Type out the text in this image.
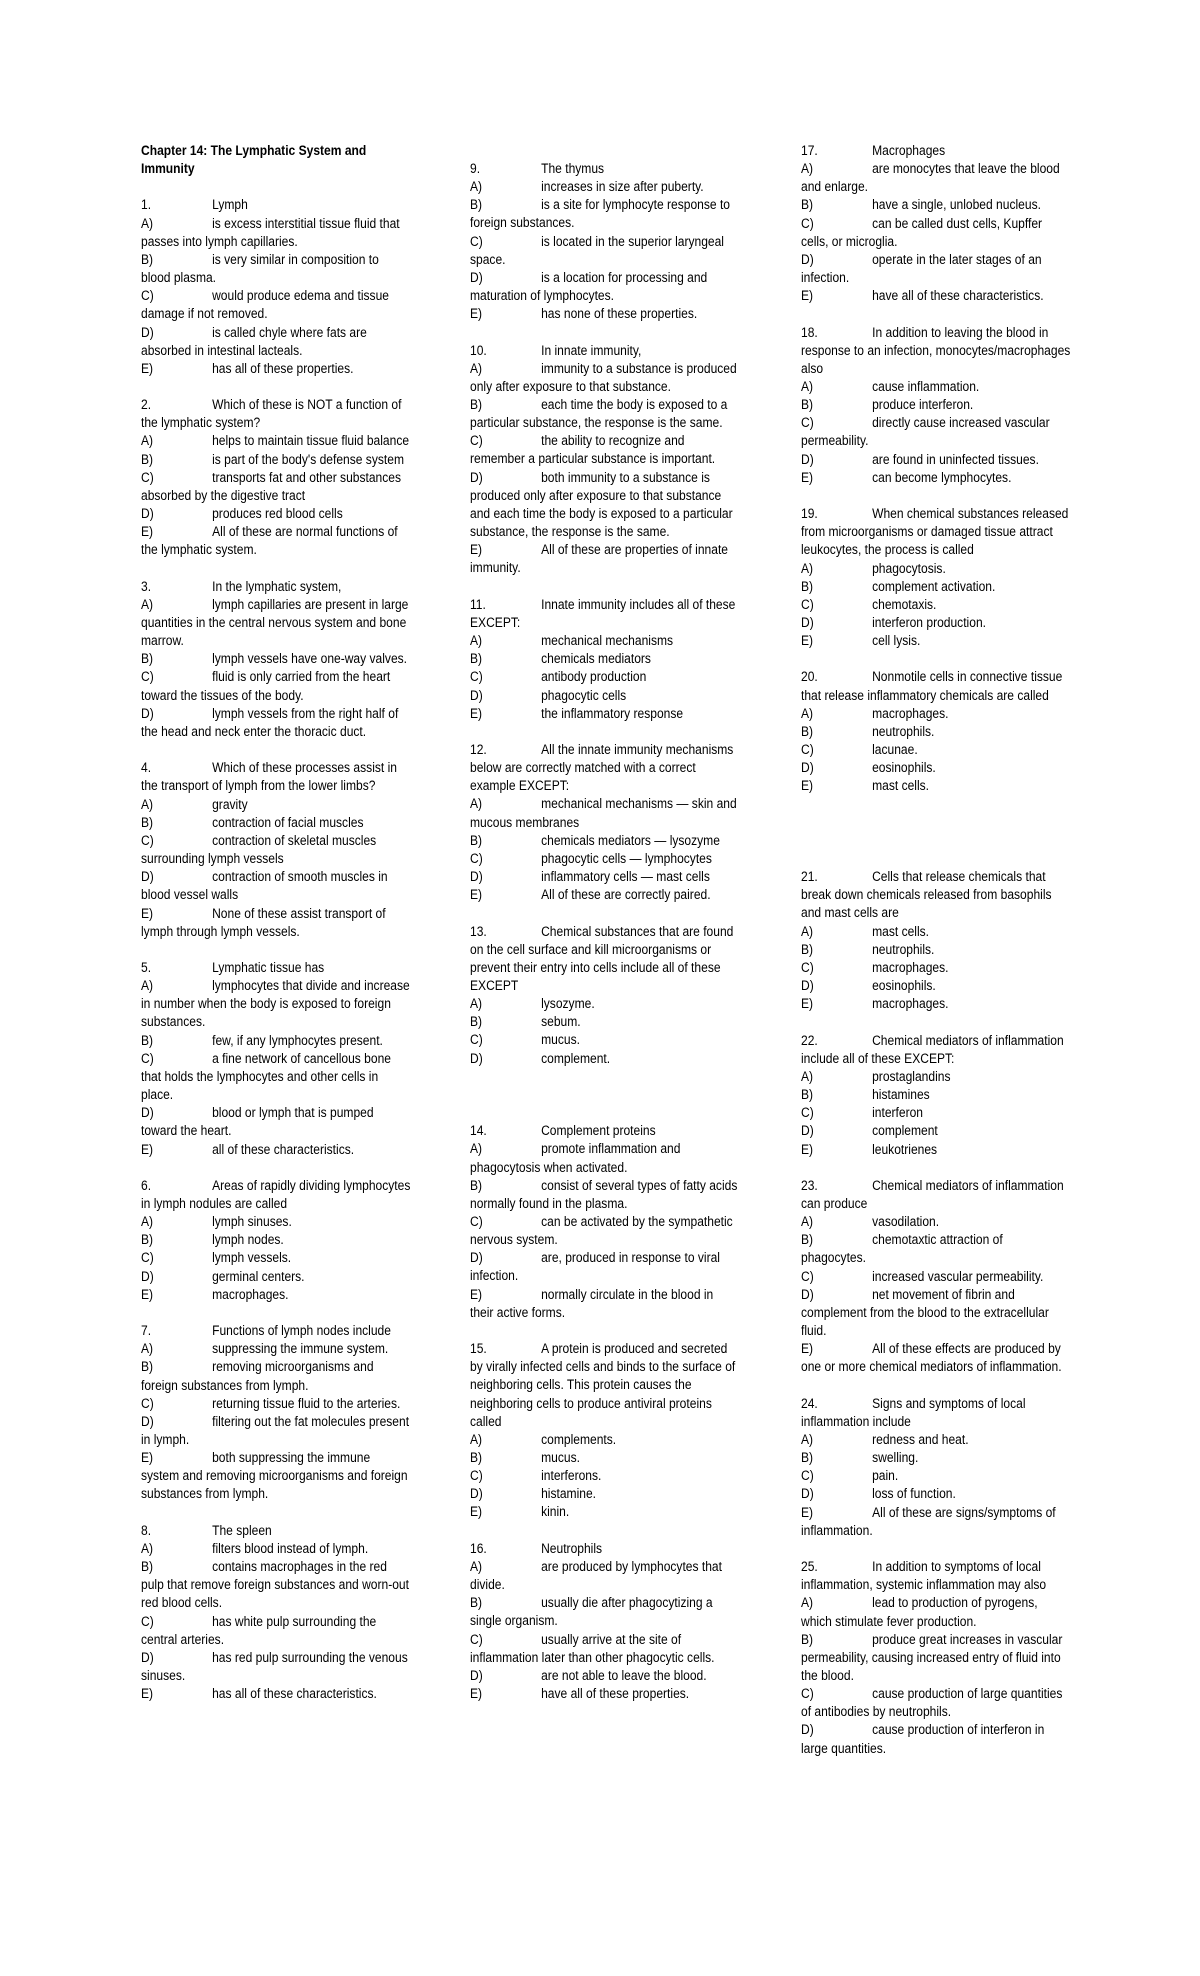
Chapter 14: The Lymphatic System and Immunity

1.	Lymph

A)	is excess interstitial tissue fluid that passes into lymph capillaries.

B)	is very similar in composition to blood plasma.

C)	would produce edema and tissue damage if not removed.

D)	is called chyle where fats are absorbed in intestinal lacteals.

E)	has all of these properties.

2.	Which of these is NOT a function of the lymphatic system?

A)	helps to maintain tissue fluid balance

B)	is part of the body's defense system

C)	transports fat and other substances absorbed by the digestive tract

D)	produces red blood cells

E)	All of these are normal functions of the lymphatic system.

3.	In the lymphatic system,

A)	lymph capillaries are present in large quantities in the central nervous system and bone marrow.

B)	lymph vessels have one-way valves.

C)	fluid is only carried from the heart toward the tissues of the body.

D)	lymph vessels from the right half of the head and neck enter the thoracic duct.

4.	Which of these processes assist in the transport of lymph from the lower limbs?

A)	gravity

B)	contraction of facial muscles

C)	contraction of skeletal muscles surrounding lymph vessels

D)	contraction of smooth muscles in blood vessel walls

E)	None of these assist transport of lymph through lymph vessels.

5.	Lymphatic tissue has

A)	lymphocytes that divide and increase in number when the body is exposed to foreign substances.

B)	few, if any lymphocytes present.

C)	a fine network of cancellous bone that holds the lymphocytes and other cells in place.

D)	blood or lymph that is pumped toward the heart.

E)	all of these characteristics.

6.	Areas of rapidly dividing lymphocytes in lymph nodules are called

A)	lymph sinuses.

B)	lymph nodes.

C)	lymph vessels.

D)	germinal centers.

E)	macrophages.

7.	Functions of lymph nodes include

A)	suppressing the immune system.

B)	removing microorganisms and foreign substances from lymph.

C)	returning tissue fluid to the arteries.

D)	filtering out the fat molecules present in lymph.

E)	both suppressing the immune system and removing microorganisms and foreign substances from lymph.

8.	The spleen

A)	filters blood instead of lymph.

B)	contains macrophages in the red pulp that remove foreign substances and worn-out red blood cells.

C)	has white pulp surrounding the central arteries.

D)	has red pulp surrounding the venous sinuses.

E)	has all of these characteristics.

9.	The thymus

A)	increases in size after puberty.

B)	is a site for lymphocyte response to foreign substances.

C)	is located in the superior laryngeal space.

D)	is a location for processing and maturation of lymphocytes.

E)	has none of these properties.

10.	In innate immunity,

A)	immunity to a substance is produced only after exposure to that substance.

B)	each time the body is exposed to a particular substance, the response is the same.

C)	the ability to recognize and remember a particular substance is important.

D)	both immunity to a substance is produced only after exposure to that substance and each time the body is exposed to a particular substance, the response is the same.

E)	All of these are properties of innate immunity.

11.	Innate immunity includes all of these EXCEPT:

A)	mechanical mechanisms

B)	chemicals mediators

C)	antibody production

D)	phagocytic cells

E)	the inflammatory response

12.	All the innate immunity mechanisms below are correctly matched with a correct example EXCEPT:

A)	mechanical mechanisms — skin and mucous membranes

B)	chemicals mediators — lysozyme

C)	phagocytic cells — lymphocytes

D)	inflammatory cells — mast cells

E)	All of these are correctly paired.

13.	Chemical substances that are found on the cell surface and kill microorganisms or prevent their entry into cells include all of these EXCEPT

A)	lysozyme.

B)	sebum.

C)	mucus.

D)	complement.

14.	Complement proteins

A)	promote inflammation and phagocytosis when activated.

B)	consist of several types of fatty acids normally found in the plasma.

C)	can be activated by the sympathetic nervous system.

D)	are, produced in response to viral infection.

E)	normally circulate in the blood in their active forms.

15.	A protein is produced and secreted by virally infected cells and binds to the surface of neighboring cells. This protein causes the neighboring cells to produce antiviral proteins called

A)	complements.

B)	mucus.

C)	interferons.

D)	histamine.

E)	kinin.

16.	Neutrophils

A)	are produced by lymphocytes that divide.

B)	usually die after phagocytizing a single organism.

C)	usually arrive at the site of inflammation later than other phagocytic cells.

D)	are not able to leave the blood.

E)	have all of these properties.

17.	Macrophages

A)	are monocytes that leave the blood and enlarge.

B)	have a single, unlobed nucleus.

C)	can be called dust cells, Kupffer cells, or microglia.

D)	operate in the later stages of an infection.

E)	have all of these characteristics.

18.	In addition to leaving the blood in response to an infection, monocytes/macrophages also

A)	cause inflammation.

B)	produce interferon.

C)	directly cause increased vascular permeability.

D)	are found in uninfected tissues.

E)	can become lymphocytes.

19.	When chemical substances released from microorganisms or damaged tissue attract leukocytes, the process is called

A)	phagocytosis.

B)	complement activation.

C)	chemotaxis.

D)	interferon production.

E)	cell lysis.

20.	Nonmotile cells in connective tissue that release inflammatory chemicals are called

A)	macrophages.

B)	neutrophils.

C)	lacunae.

D)	eosinophils.

E)	mast cells.

21.	Cells that release chemicals that break down chemicals released from basophils and mast cells are

A)	mast cells.

B)	neutrophils.

C)	macrophages.

D)	eosinophils.

E)	macrophages.

22.	Chemical mediators of inflammation include all of these EXCEPT:

A)	prostaglandins

B)	histamines

C)	interferon

D)	complement

E)	leukotrienes

23.	Chemical mediators of inflammation can produce

A)	vasodilation.

B)	chemotaxtic attraction of phagocytes.

C)	increased vascular permeability.

D)	net movement of fibrin and complement from the blood to the extracellular fluid.

E)	All of these effects are produced by one or more chemical mediators of inflammation.

24.	Signs and symptoms of local inflammation include

A)	redness and heat.

B)	swelling.

C)	pain.

D)	loss of function.

E)	All of these are signs/symptoms of inflammation.

25.	In addition to symptoms of local inflammation, systemic inflammation may also

A)	lead to production of pyrogens, which stimulate fever production.

B)	produce great increases in vascular permeability, causing increased entry of fluid into the blood.

C)	cause production of large quantities of antibodies by neutrophils.

D)	cause production of interferon in large quantities.
